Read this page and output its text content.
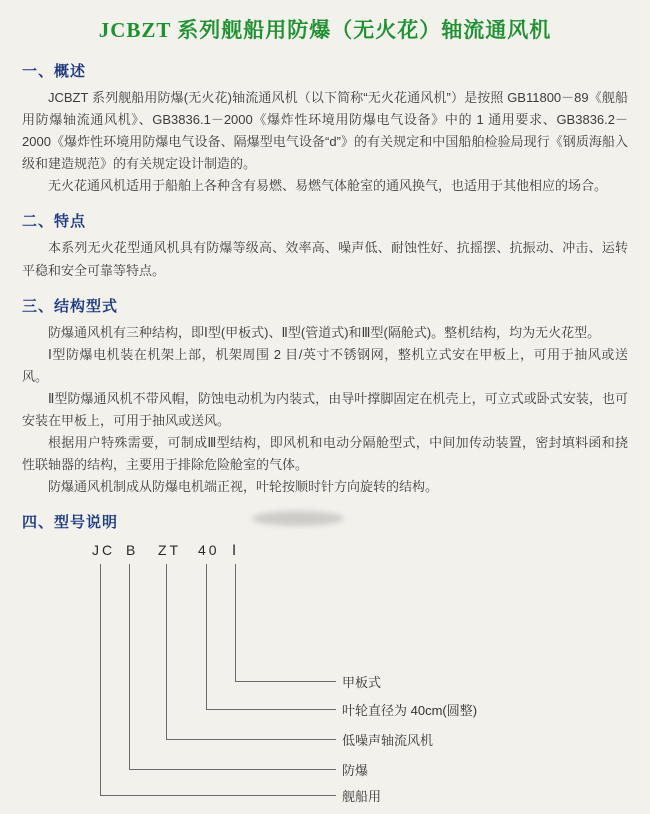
JCBZT 系列舰船用防爆（无火花）轴流通风机
一、概述

JCBZT 系列舰船用防爆(无火花)轴流通风机（以下简称“无火花通风机”）是按照 GB11800－89《舰船用防爆轴流通风机》、GB3836.1－2000《爆炸性环境用防爆电气设备》中的 1 通用要求、GB3836.2－2000《爆炸性环境用防爆电气设备、隔爆型电气设备“d”》的有关规定和中国船舶检验局现行《钢质海船入级和建造规范》的有关规定设计制造的。

无火花通风机适用于船舶上各种含有易燃、易燃气体舱室的通风换气，也适用于其他相应的场合。

二、特点

本系列无火花型通风机具有防爆等级高、效率高、噪声低、耐蚀性好、抗摇摆、抗振动、冲击、运转平稳和安全可靠等特点。

三、结构型式

防爆通风机有三种结构，即Ⅰ型(甲板式)、Ⅱ型(管道式)和Ⅲ型(隔舱式)。整机结构，均为无火花型。

Ⅰ型防爆电机装在机架上部，机架周围 2 目/英寸不锈钢网，整机立式安在甲板上，可用于抽风或送风。

Ⅱ型防爆通风机不带风帽，防蚀电动机为内装式，由导叶撑脚固定在机壳上，可立式或卧式安装，也可安装在甲板上，可用于抽风或送风。

根据用户特殊需要，可制成Ⅲ型结构，即风机和电动分隔舱型式，中间加传动装置，密封填料函和挠性联轴器的结构，主要用于排除危险舱室的气体。

防爆通风机制成从防爆电机端正视，叶轮按顺时针方向旋转的结构。

四、型号说明
JC B ZT 40 Ⅰ
甲板式
叶轮直径为 40cm(圆整)
低噪声轴流风机
防爆
舰船用
